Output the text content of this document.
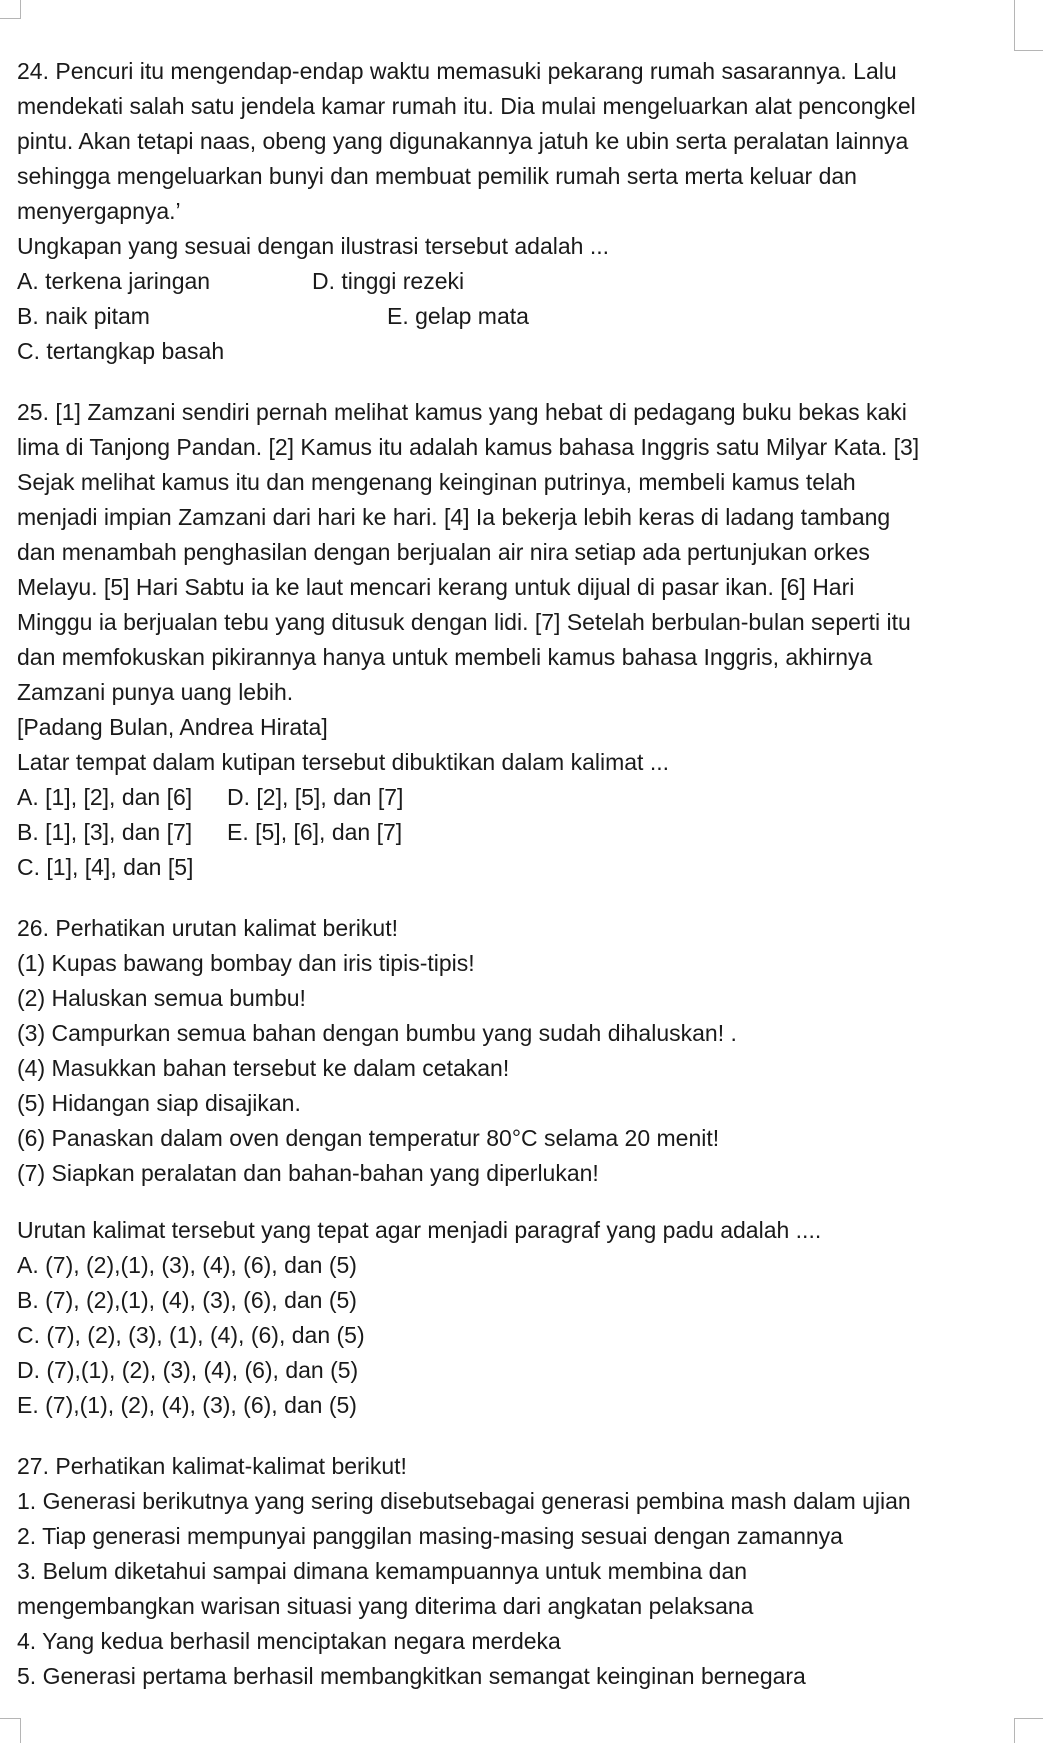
24. Pencuri itu mengendap-endap waktu memasuki pekarang rumah sasarannya. Lalu
mendekati salah satu jendela kamar rumah itu. Dia mulai mengeluarkan alat pencongkel
pintu. Akan tetapi naas, obeng yang digunakannya jatuh ke ubin serta peralatan lainnya
sehingga mengeluarkan bunyi dan membuat pemilik rumah serta merta keluar dan
menyergapnya.’
Ungkapan yang sesuai dengan ilustrasi tersebut adalah ...
A. terkena jaringan	D. tinggi rezeki
B. naik pitam	E. gelap mata
C. tertangkap basah
25. [1] Zamzani sendiri pernah melihat kamus yang hebat di pedagang buku bekas kaki
lima di Tanjong Pandan. [2] Kamus itu adalah kamus bahasa Inggris satu Milyar Kata. [3]
Sejak melihat kamus itu dan mengenang keinginan putrinya, membeli kamus telah
menjadi impian Zamzani dari hari ke hari. [4] Ia bekerja lebih keras di ladang tambang
dan menambah penghasilan dengan berjualan air nira setiap ada pertunjukan orkes
Melayu. [5] Hari Sabtu ia ke laut mencari kerang untuk dijual di pasar ikan. [6] Hari
Minggu ia berjualan tebu yang ditusuk dengan lidi. [7] Setelah berbulan-bulan seperti itu
dan memfokuskan pikirannya hanya untuk membeli kamus bahasa Inggris, akhirnya
Zamzani punya uang lebih.
[Padang Bulan, Andrea Hirata]
Latar tempat dalam kutipan tersebut dibuktikan dalam kalimat ...
A. [1], [2], dan [6]	D. [2], [5], dan [7]
B. [1], [3], dan [7]	E. [5], [6], dan [7]
C. [1], [4], dan [5]
26. Perhatikan urutan kalimat berikut!
(1) Kupas bawang bombay dan iris tipis-tipis!
(2) Haluskan semua bumbu!
(3) Campurkan semua bahan dengan bumbu yang sudah dihaluskan! .
(4) Masukkan bahan tersebut ke dalam cetakan!
(5) Hidangan siap disajikan.
(6) Panaskan dalam oven dengan temperatur 80°C selama 20 menit!
(7) Siapkan peralatan dan bahan-bahan yang diperlukan!
Urutan kalimat tersebut yang tepat agar menjadi paragraf yang padu adalah ....
A. (7), (2),(1), (3), (4), (6), dan (5)
B. (7), (2),(1), (4), (3), (6), dan (5)
C. (7), (2), (3), (1), (4), (6), dan (5)
D. (7),(1), (2), (3), (4), (6), dan (5)
E. (7),(1), (2), (4), (3), (6), dan (5)
27. Perhatikan kalimat-kalimat berikut!
1. Generasi berikutnya yang sering disebutsebagai generasi pembina mash dalam ujian
2. Tiap generasi mempunyai panggilan masing-masing sesuai dengan zamannya
3. Belum diketahui sampai dimana kemampuannya untuk membina dan
mengembangkan warisan situasi yang diterima dari angkatan pelaksana
4. Yang kedua berhasil menciptakan negara merdeka
5. Generasi pertama berhasil membangkitkan semangat keinginan bernegara
